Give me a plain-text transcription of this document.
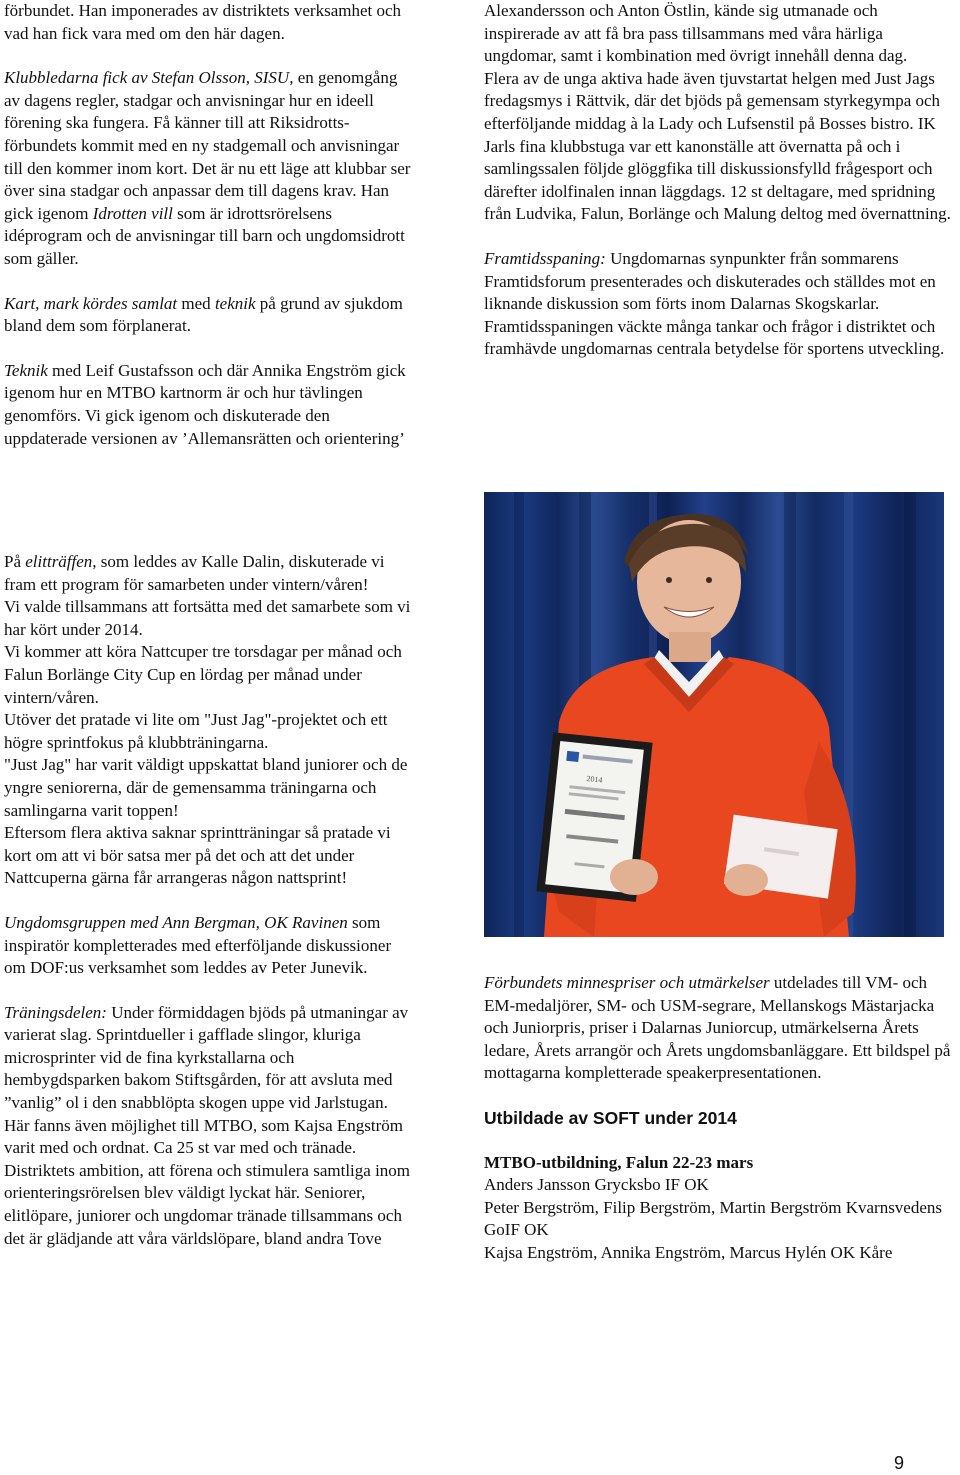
förbundet. Han imponerades av distriktets verksamhet och vad han fick vara med om den här dagen.

Klubbledarna fick av Stefan Olsson, SISU, en genomgång av dagens regler, stadgar och anvisningar hur en ideell förening ska fungera. Få känner till att Riksidrotts-förbundets kommit med en ny stadgemall och anvisningar till den kommer inom kort. Det är nu ett läge att klubbar ser över sina stadgar och anpassar dem till dagens krav. Han gick igenom Idrotten vill som är idrottsrörelsens idéprogram och de anvisningar till barn och ungdomsidrott som gäller.

Kart, mark kördes samlat med teknik på grund av sjukdom bland dem som förplanerat.

Teknik med Leif Gustafsson och där Annika Engström gick igenom hur en MTBO kartnorm är och hur tävlingen genomförs. Vi gick igenom och diskuterade den uppdaterade versionen av ’Allemansrätten och orientering’

På elitträffen, som leddes av Kalle Dalin, diskuterade vi fram ett program för samarbeten under vintern/våren!

Vi valde tillsammans att fortsätta med det samarbete som vi har kört under 2014.

Vi kommer att köra Nattcuper tre torsdagar per månad och Falun Borlänge City Cup en lördag per månad under vintern/våren.

Utöver det pratade vi lite om "Just Jag"-projektet och ett högre sprintfokus på klubbträningarna.

"Just Jag" har varit väldigt uppskattat bland juniorer och de yngre seniorerna, där de gemensamma träningarna och samlingarna varit toppen!

Eftersom flera aktiva saknar sprintträningar så pratade vi kort om att vi bör satsa mer på det och att det under Nattcuperna gärna får arrangeras någon nattsprint!

Ungdomsgruppen med Ann Bergman, OK Ravinen som inspiratör kompletterades med efterföljande diskussioner om DOF:us verksamhet som leddes av Peter Junevik.

Träningsdelen: Under förmiddagen bjöds på utmaningar av varierat slag. Sprintdueller i gafflade slingor, kluriga microsprinter vid de fina kyrkstallarna och hembygdsparken bakom Stiftsgården, för att avsluta med ”vanlig” ol i den snabblöpta skogen uppe vid Jarlstugan. Här fanns även möjlighet till MTBO, som Kajsa Engström varit med och ordnat. Ca 25 st var med och tränade. Distriktets ambition, att förena och stimulera samtliga inom orienteringsrörelsen blev väldigt lyckat här. Seniorer, elitlöpare, juniorer och ungdomar tränade tillsammans och det är glädjande att våra världslöpare, bland andra Tove

Alexandersson och Anton Östlin, kände sig utmanade och inspirerade av att få bra pass tillsammans med våra härliga ungdomar, samt i kombination med övrigt innehåll denna dag.

Flera av de unga aktiva hade även tjuvstartat helgen med Just Jags fredagsmys i Rättvik, där det bjöds på gemensam styrkegympa och efterföljande middag à la Lady och Lufsenstil på Bosses bistro. IK Jarls fina klubbstuga var ett kanonställe att övernatta på och i samlingssalen följde glöggfika till diskussionsfylld frågesport och därefter idolfinalen innan läggdags. 12 st deltagare, med spridning från Ludvika, Falun, Borlänge och Malung deltog med övernattning.

Framtidsspaning: Ungdomarnas synpunkter från sommarens Framtidsforum presenterades och diskuterades och ställdes mot en liknande diskussion som förts inom Dalarnas Skogskarlar. Framtidsspaningen väckte många tankar och frågor i distriktet och framhävde ungdomarnas centrala betydelse för sportens utveckling.

2014

Förbundets minnespriser och utmärkelser utdelades till VM- och EM-medaljörer, SM- och USM-segrare, Mellanskogs Mästarjacka och Juniorpris, priser i Dalarnas Juniorcup, utmärkelserna Årets ledare, Årets arrangör och Årets ungdomsbanläggare. Ett bildspel på mottagarna kompletterade speakerpresentationen.

Utbildade av SOFT under 2014

MTBO-utbildning, Falun 22-23 mars

Anders Jansson Grycksbo IF OK

Peter Bergström, Filip Bergström, Martin Bergström Kvarnsvedens GoIF OK

Kajsa Engström, Annika Engström, Marcus Hylén OK Kåre

9
